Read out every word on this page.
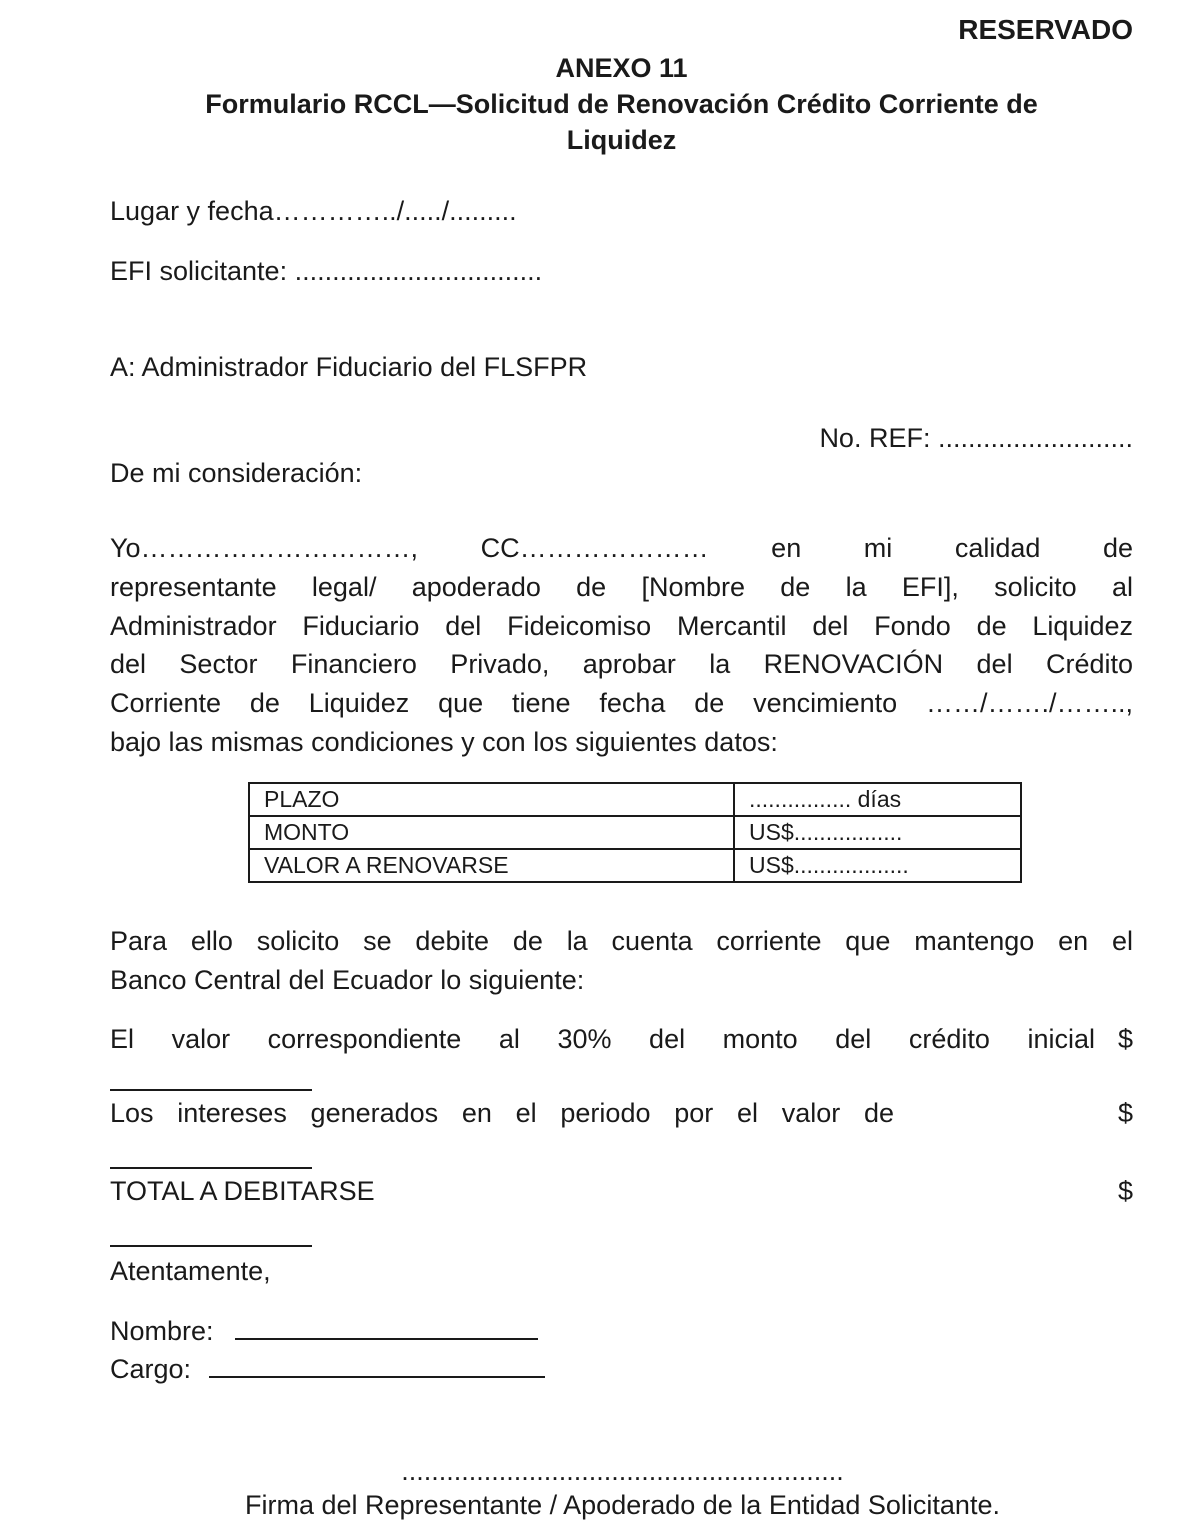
RESERVADO
ANEXO 11
Formulario RCCL—Solicitud de Renovación Crédito Corriente de
Liquidez
Lugar y fecha…………../...../.........
EFI solicitante: .................................
A: Administrador Fiduciario del FLSFPR
No. REF: ..........................
De mi consideración:
Yo…………………………, CC………………… en mi calidad de
representante legal/ apoderado de [Nombre de la EFI], solicito al
Administrador Fiduciario del Fideicomiso Mercantil del Fondo de Liquidez
del Sector Financiero Privado, aprobar la RENOVACIÓN del Crédito
Corriente de Liquidez que tiene fecha de vencimiento ……/……./……..,
bajo las mismas condiciones y con los siguientes datos:
PLAZO	................ días
MONTO	US$.................
VALOR A RENOVARSE	US$..................
Para ello solicito se debite de la cuenta corriente que mantengo en el
Banco Central del Ecuador lo siguiente:
El valor correspondiente al 30% del monto del crédito inicial $
Los intereses generados en el periodo por el valor de	$
TOTAL A DEBITARSE	$
Atentamente,
Nombre:
Cargo:
...........................................................
Firma del Representante / Apoderado de la Entidad Solicitante.
